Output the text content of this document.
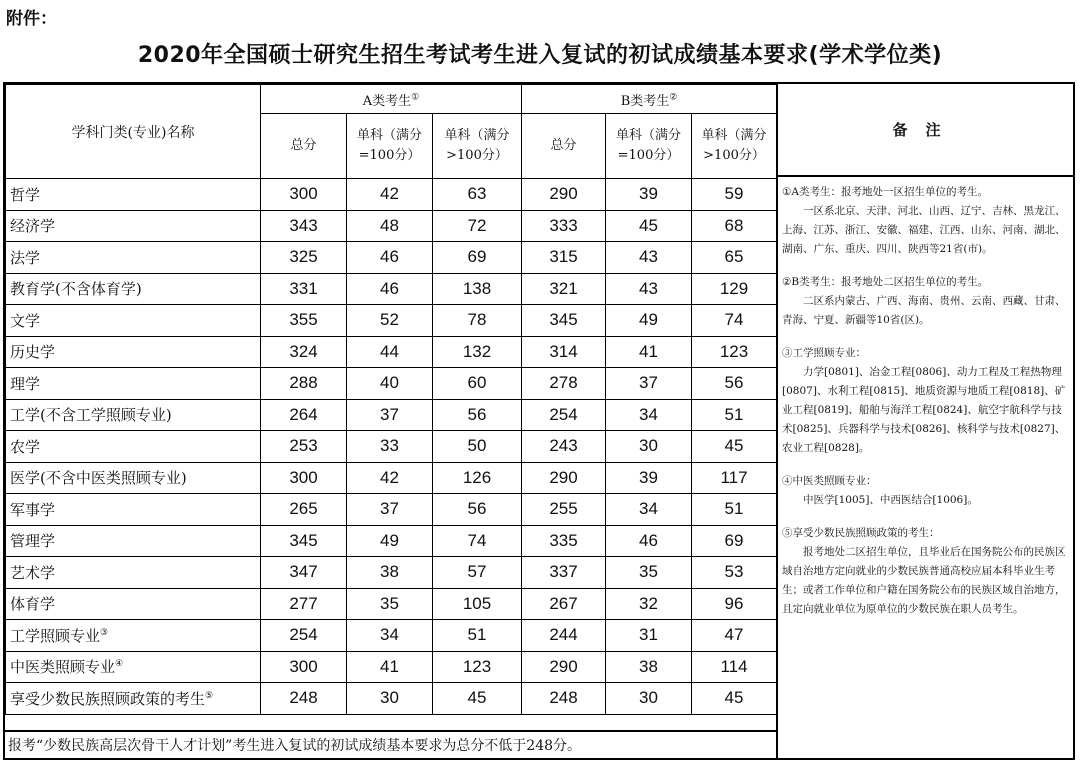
附件：
2020年全国硕士研究生招生考试考生进入复试的初试成绩基本要求(学术学位类)
学科门类(专业)名称	A类考生①			B类考生②
	总分	单科（满分=100分）	单科（满分>100分）	总分	单科（满分=100分）	单科（满分>100分）
哲学	300	42	63	290	39	59
经济学	343	48	72	333	45	68
法学	325	46	69	315	43	65
教育学(不含体育学)	331	46	138	321	43	129
文学	355	52	78	345	49	74
历史学	324	44	132	314	41	123
理学	288	40	60	278	37	56
工学(不含工学照顾专业)	264	37	56	254	34	51
农学	253	33	50	243	30	45
医学(不含中医类照顾专业)	300	42	126	290	39	117
军事学	265	37	56	255	34	51
管理学	345	49	74	335	46	69
艺术学	347	38	57	337	35	53
体育学	277	35	105	267	32	96
工学照顾专业③	254	34	51	244	31	47
中医类照顾专业④	300	41	123	290	38	114
享受少数民族照顾政策的考生⑤	248	30	45	248	30	45
报考“少数民族高层次骨干人才计划”考生进入复试的初试成绩基本要求为总分不低于248分。
备注

①A类考生：报考地处一区招生单位的考生。

一区系北京、天津、河北、山西、辽宁、吉林、黑龙江、上海、江苏、浙江、安徽、福建、江西、山东、河南、湖北、湖南、广东、重庆、四川、陕西等21省(市)。

②B类考生：报考地处二区招生单位的考生。

二区系内蒙古、广西、海南、贵州、云南、西藏、甘肃、青海、宁夏、新疆等10省(区)。

③工学照顾专业：

力学[0801]、冶金工程[0806]、动力工程及工程热物理[0807]、水利工程[0815]、地质资源与地质工程[0818]、矿业工程[0819]、船舶与海洋工程[0824]、航空宇航科学与技术[0825]、兵器科学与技术[0826]、核科学与技术[0827]、农业工程[0828]。

④中医类照顾专业：

中医学[1005]、中西医结合[1006]。

⑤享受少数民族照顾政策的考生：

报考地处二区招生单位，且毕业后在国务院公布的民族区域自治地方定向就业的少数民族普通高校应届本科毕业生考生；或者工作单位和户籍在国务院公布的民族区域自治地方，且定向就业单位为原单位的少数民族在职人员考生。
